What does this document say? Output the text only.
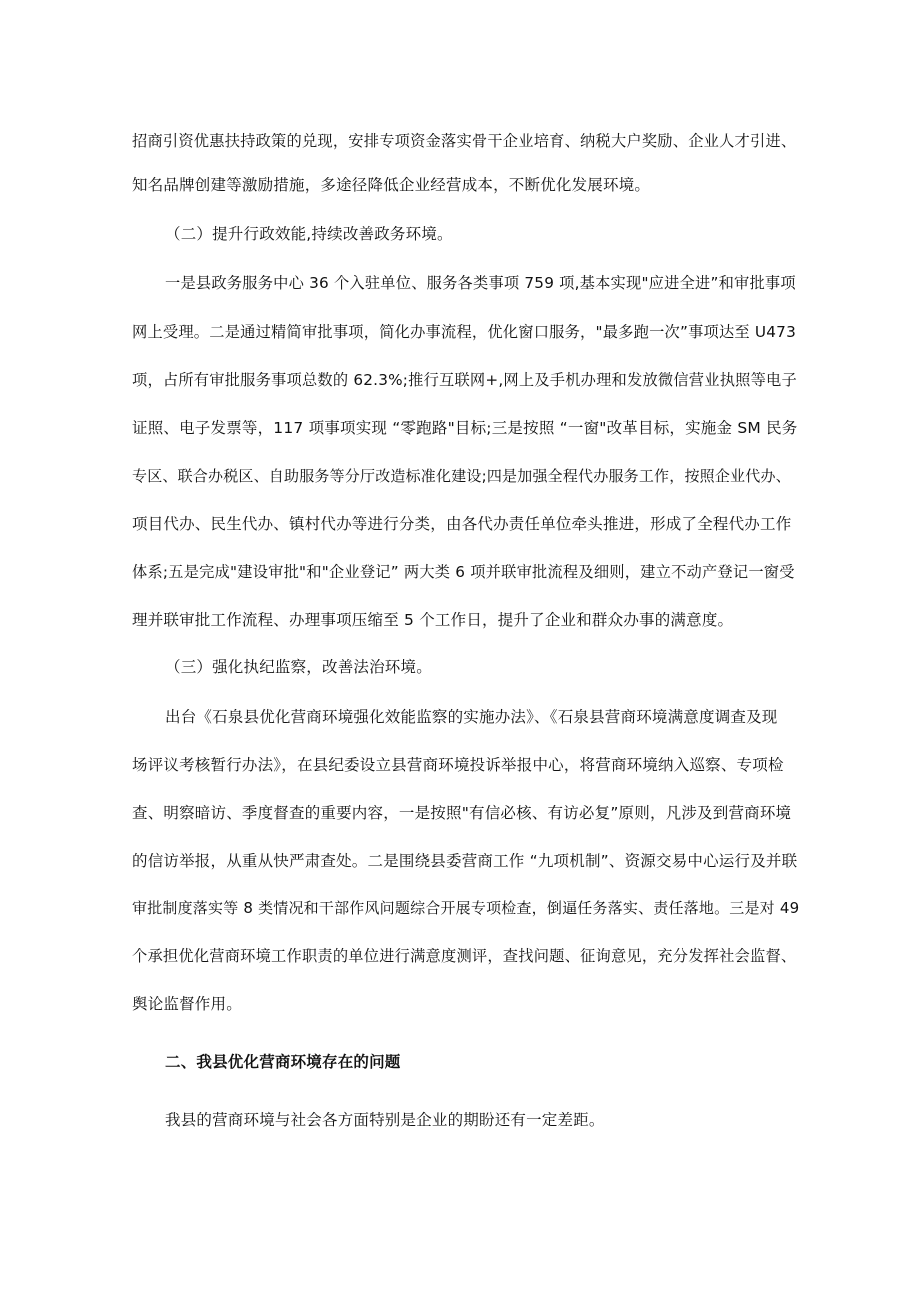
招商引资优惠扶持政策的兑现，安排专项资金落实骨干企业培育、纳税大户奖励、企业人才引进、
知名品牌创建等激励措施，多途径降低企业经营成本，不断优化发展环境。
（二）提升行政效能,持续改善政务环境。
一是县政务服务中心 36 个入驻单位、服务各类事项 759 项,基本实现"应进全进”和审批事项
网上受理。二是通过精简审批事项，简化办事流程，优化窗口服务，"最多跑一次”事项达至 U473
项，占所有审批服务事项总数的 62.3%;推行互联网+,网上及手机办理和发放微信营业执照等电子
证照、电子发票等，117 项事项实现 “零跑路"目标;三是按照 “一窗"改革目标，实施金 SM 民务
专区、联合办税区、自助服务等分厅改造标准化建设;四是加强全程代办服务工作，按照企业代办、
项目代办、民生代办、镇村代办等进行分类，由各代办责任单位牵头推进，形成了全程代办工作
体系;五是完成"建设审批"和"企业登记” 两大类 6 项并联审批流程及细则，建立不动产登记一窗受
理并联审批工作流程、办理事项压缩至 5 个工作日，提升了企业和群众办事的满意度。
（三）强化执纪监察，改善法治环境。
出台《石泉县优化营商环境强化效能监察的实施办法》、《石泉县营商环境满意度调查及现
场评议考核暂行办法》，在县纪委设立县营商环境投诉举报中心，将营商环境纳入巡察、专项检
查、明察暗访、季度督查的重要内容，一是按照"有信必核、有访必复”原则，凡涉及到营商环境
的信访举报，从重从快严肃查处。二是围绕县委营商工作 “九项机制”、资源交易中心运行及并联
审批制度落实等 8 类情况和干部作风问题综合开展专项检查，倒逼任务落实、责任落地。三是对 49
个承担优化营商环境工作职责的单位进行满意度测评，查找问题、征询意见，充分发挥社会监督、
舆论监督作用。
二、我县优化营商环境存在的问题
我县的营商环境与社会各方面特别是企业的期盼还有一定差距。
